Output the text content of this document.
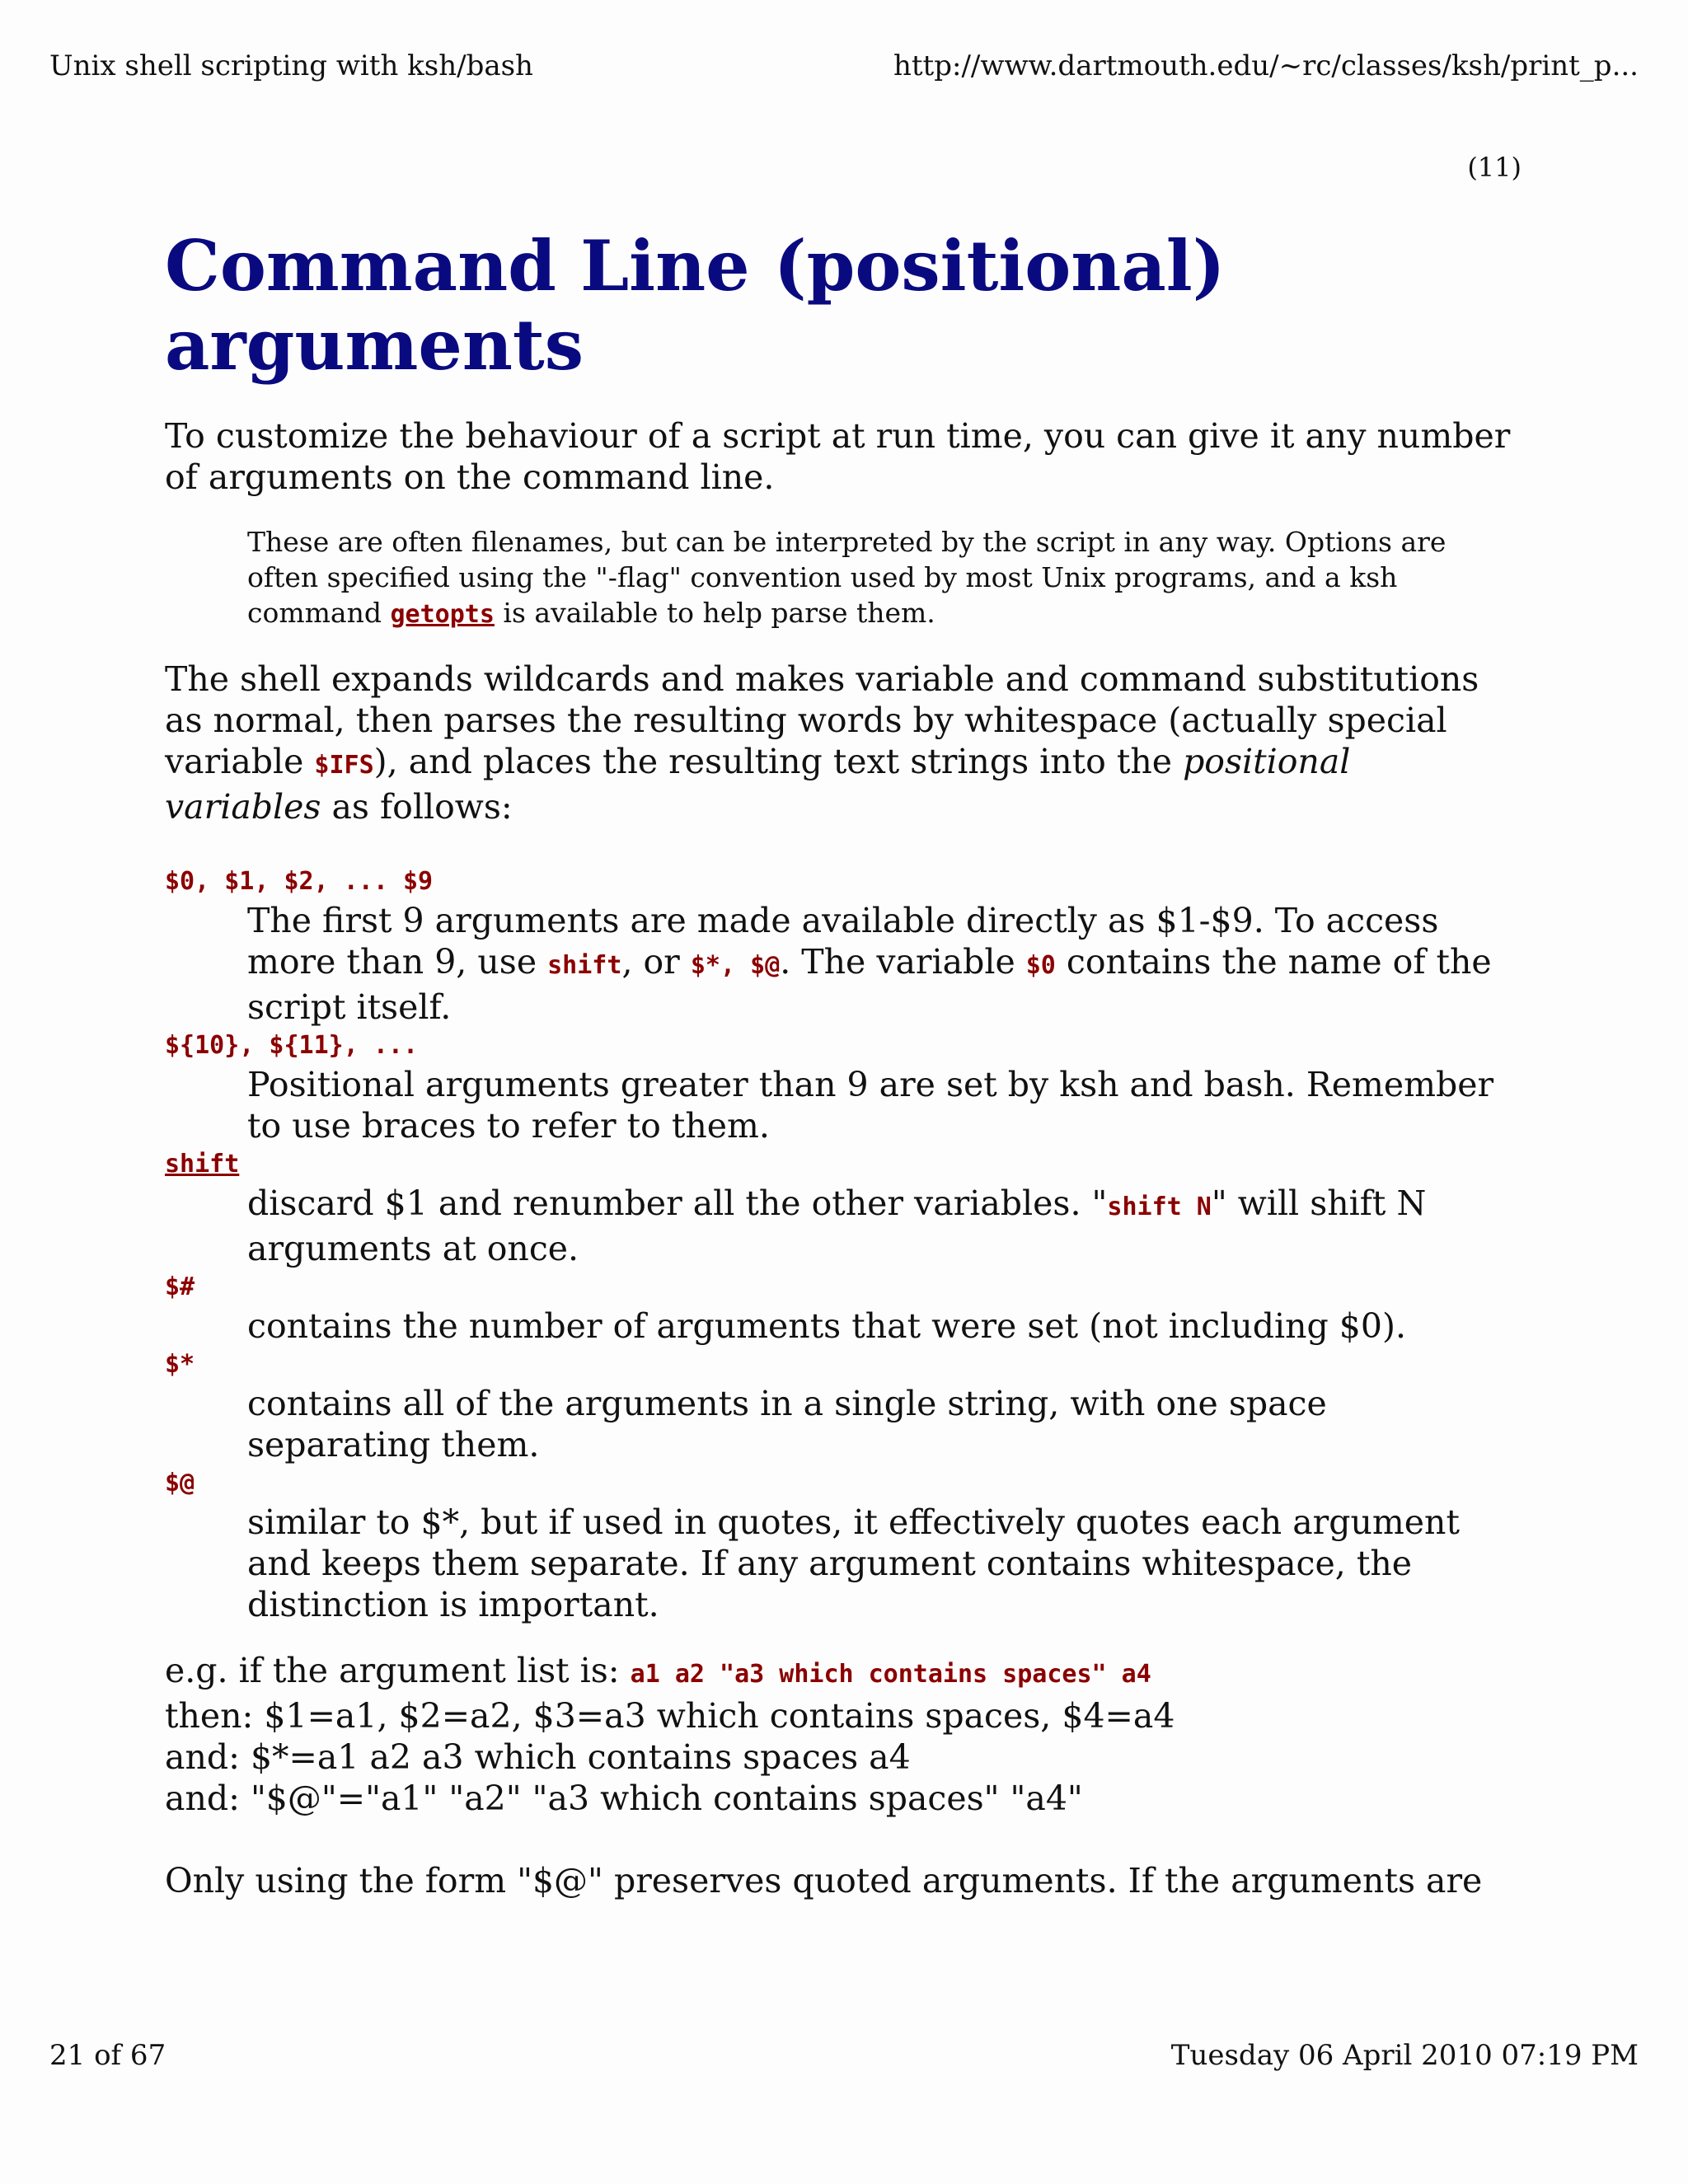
Unix shell scripting with ksh/bash	http://www.dartmouth.edu/~rc/classes/ksh/print_p...
(11)
Command Line (positional) arguments

To customize the behaviour of a script at run time, you can give it any number of arguments on the command line.

These are often filenames, but can be interpreted by the script in any way. Options are often specified using the "-flag" convention used by most Unix programs, and a ksh command getopts is available to help parse them.

The shell expands wildcards and makes variable and command substitutions as normal, then parses the resulting words by whitespace (actually special variable $IFS), and places the resulting text strings into the positional variables as follows:

$0, $1, $2, ... $9
The first 9 arguments are made available directly as $1-$9. To access more than 9, use shift, or $*, $@. The variable $0 contains the name of the script itself.
${10}, ${11}, ...
Positional arguments greater than 9 are set by ksh and bash. Remember to use braces to refer to them.
shift
discard $1 and renumber all the other variables. "shift N" will shift N arguments at once.
$#
contains the number of arguments that were set (not including $0).
$*
contains all of the arguments in a single string, with one space separating them.
$@
similar to $*, but if used in quotes, it effectively quotes each argument and keeps them separate. If any argument contains whitespace, the distinction is important.
e.g. if the argument list is: a1 a2 "a3 which contains spaces" a4
then: $1=a1, $2=a2, $3=a3 which contains spaces, $4=a4
and: $*=a1 a2 a3 which contains spaces a4
and: "$@"="a1" "a2" "a3 which contains spaces" "a4"

Only using the form "$@" preserves quoted arguments. If the arguments are

21 of 67	Tuesday 06 April 2010 07:19 PM
